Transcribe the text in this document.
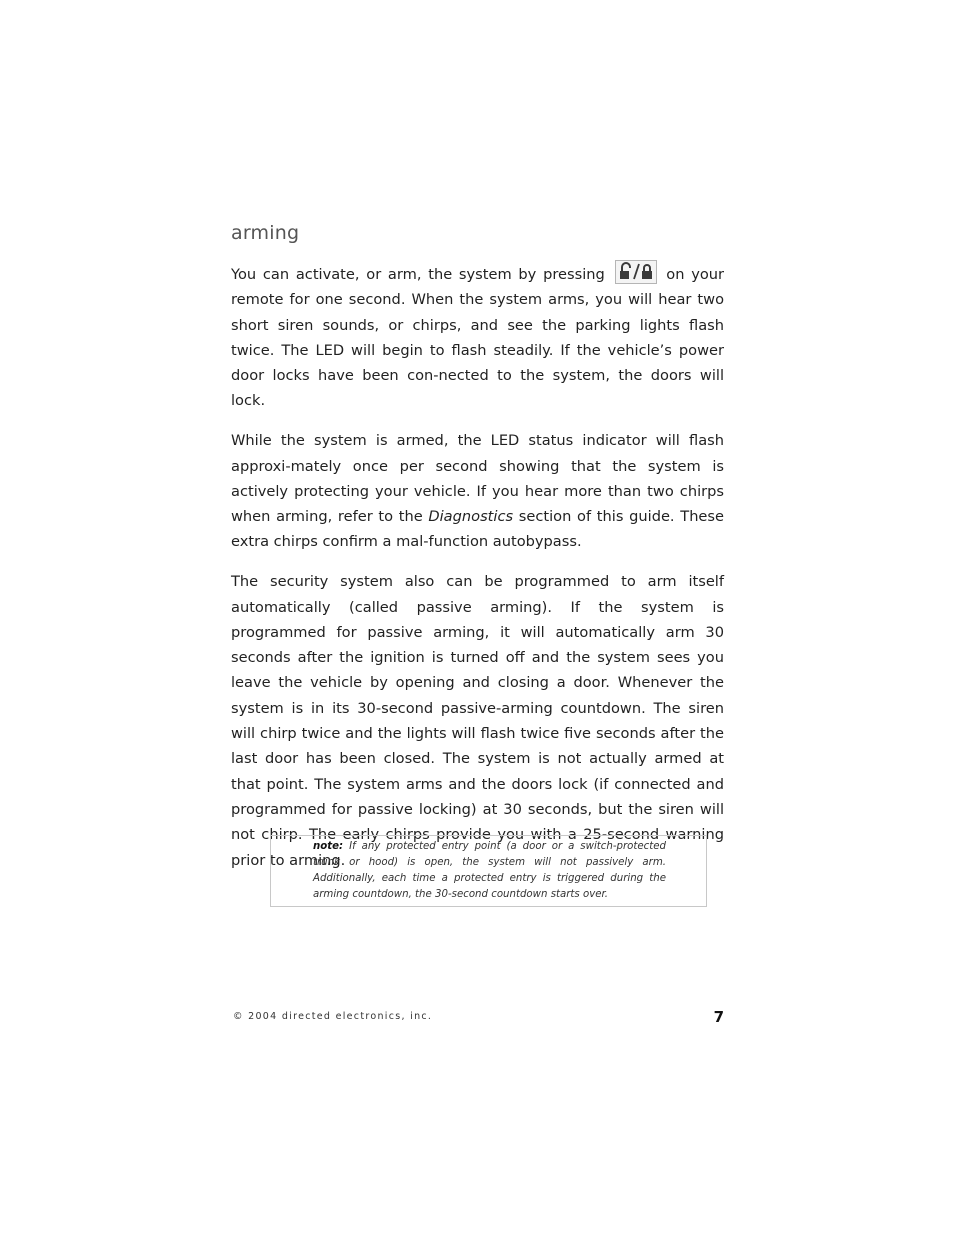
arming

You can activate, or arm, the system by pressing	on your remote for one second. When the system arms, you will hear two short siren sounds, or chirps, and see the parking lights flash twice. The LED will begin to flash steadily. If the vehicle’s power door locks have been con-nected to the system, the doors will lock.

While the system is armed, the LED status indicator will flash approxi-mately once per second showing that the system is actively protecting your vehicle. If you hear more than two chirps when arming, refer to the Diagnostics section of this guide. These extra chirps confirm a mal-function autobypass.

The security system also can be programmed to arm itself automatically (called passive arming). If the system is programmed for passive arming, it will automatically arm 30 seconds after the ignition is turned off and the system sees you leave the vehicle by opening and closing a door. Whenever the system is in its 30-second passive-arming countdown. The siren will chirp twice and the lights will flash twice five seconds after the last door has been closed. The system is not actually armed at that point. The system arms and the doors lock (if connected and programmed for passive locking) at 30 seconds, but the siren will not chirp. The early chirps provide you with a 25-second warning prior to arming.

note: If any protected entry point (a door or a switch-protected trunk or hood) is open, the system will not passively arm. Additionally, each time a protected entry is triggered during the arming countdown, the 30-second countdown starts over.

© 2004 directed electronics, inc.	7
